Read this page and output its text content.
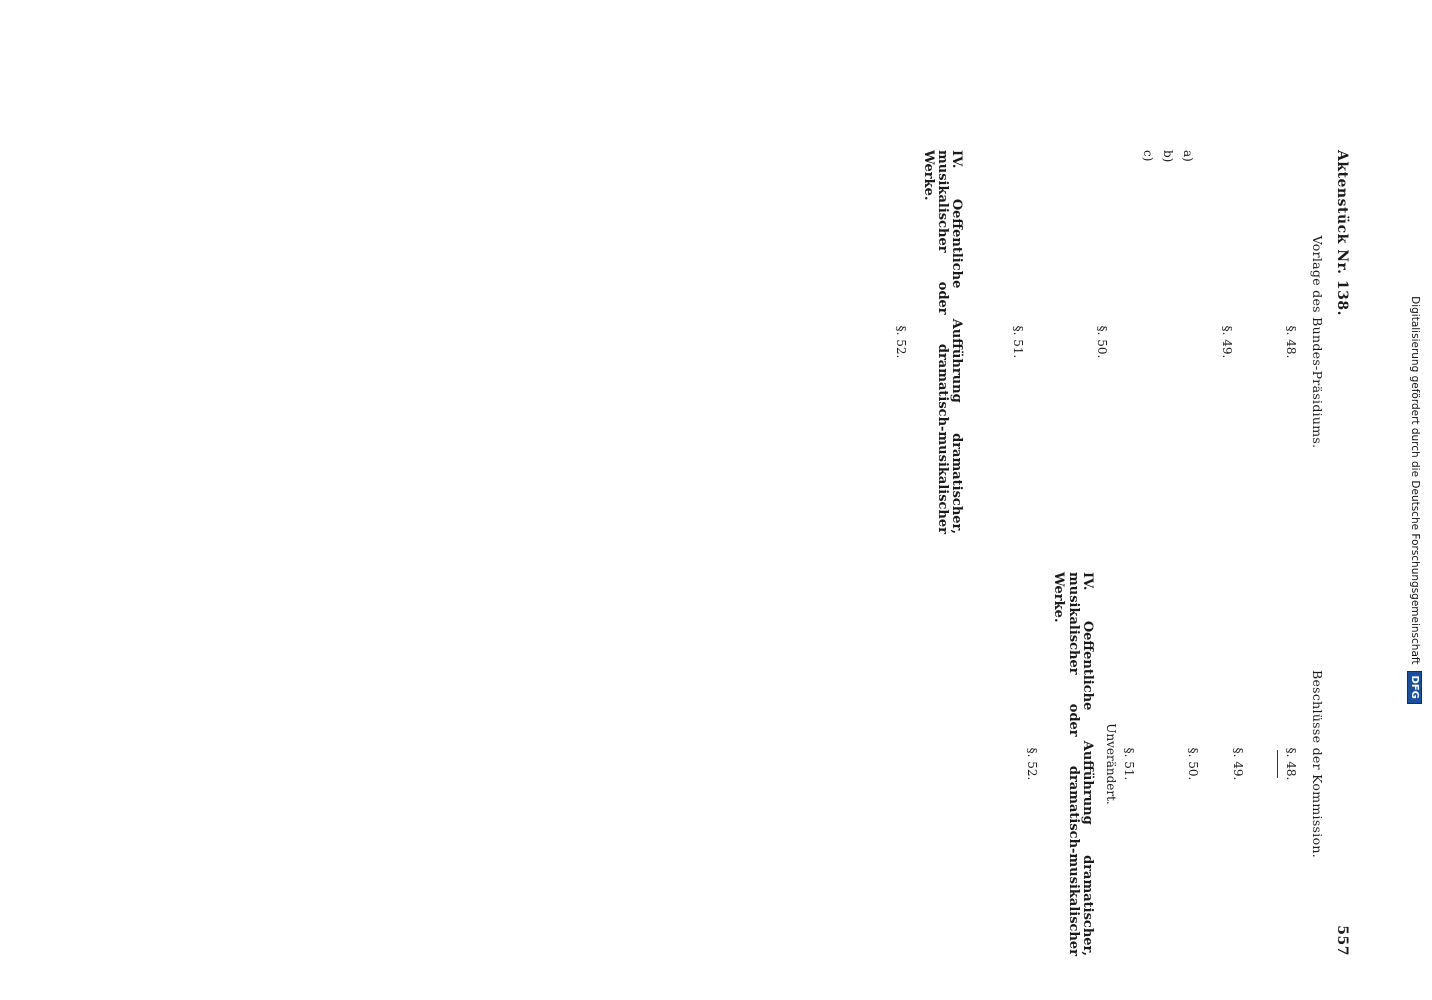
Aktenstück Nr. 138.
557
Vorlage des Bundes-Präsidiums.
§. 48.

§. 49.

a)

b)

c)

§. 50.

§. 51.

IV. Oeffentliche Aufführung dramatischer, musikalischer oder dramatisch-musikalischer Werke.

§. 52.

Beschlüsse der Kommission.
§. 48.

§. 49.

§. 50.

§. 51.

Unverändert.

IV. Oeffentliche Aufführung dramatischer, musikalischer oder dramatisch-musikalischer Werke.

§. 52.

Digitalisierung gefördert durch die Deutsche Forschungsgemeinschaft
DFG
